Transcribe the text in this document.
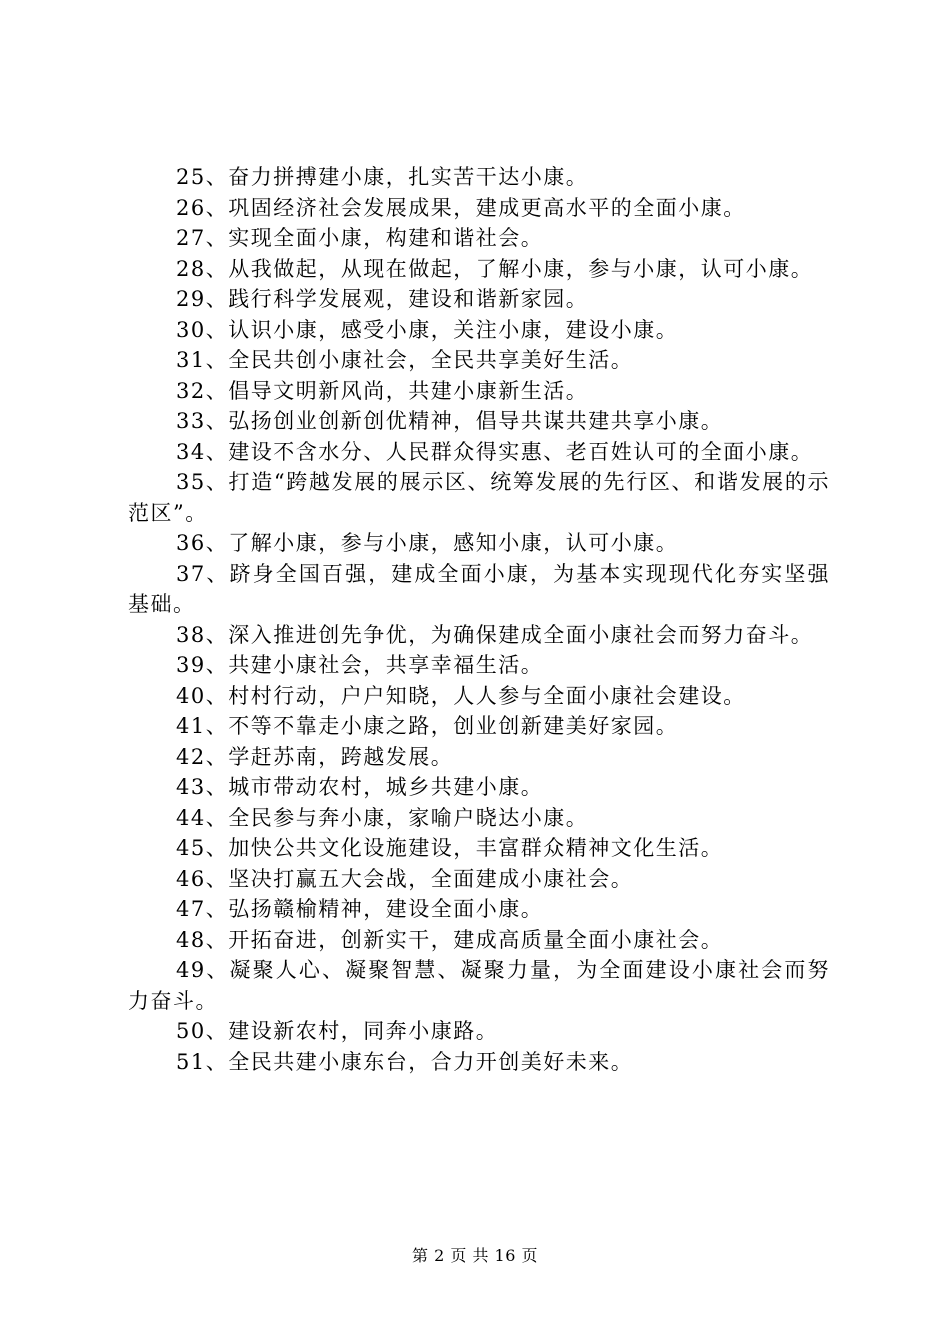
25、奋力拼搏建小康，扎实苦干达小康。

26、巩固经济社会发展成果，建成更高水平的全面小康。

27、实现全面小康，构建和谐社会。

28、从我做起，从现在做起，了解小康，参与小康，认可小康。

29、践行科学发展观，建设和谐新家园。

30、认识小康，感受小康，关注小康，建设小康。

31、全民共创小康社会，全民共享美好生活。

32、倡导文明新风尚，共建小康新生活。

33、弘扬创业创新创优精神，倡导共谋共建共享小康。

34、建设不含水分、人民群众得实惠、老百姓认可的全面小康。

35、打造“跨越发展的展示区、统筹发展的先行区、和谐发展的示范区”。

36、了解小康，参与小康，感知小康，认可小康。

37、跻身全国百强，建成全面小康，为基本实现现代化夯实坚强基础。

38、深入推进创先争优，为确保建成全面小康社会而努力奋斗。

39、共建小康社会，共享幸福生活。

40、村村行动，户户知晓，人人参与全面小康社会建设。

41、不等不靠走小康之路，创业创新建美好家园。

42、学赶苏南，跨越发展。

43、城市带动农村，城乡共建小康。

44、全民参与奔小康，家喻户晓达小康。

45、加快公共文化设施建设，丰富群众精神文化生活。

46、坚决打赢五大会战，全面建成小康社会。

47、弘扬赣榆精神，建设全面小康。

48、开拓奋进，创新实干，建成高质量全面小康社会。

49、凝聚人心、凝聚智慧、凝聚力量，为全面建设小康社会而努力奋斗。

50、建设新农村，同奔小康路。

51、全民共建小康东台，合力开创美好未来。

第 2 页 共 16 页
